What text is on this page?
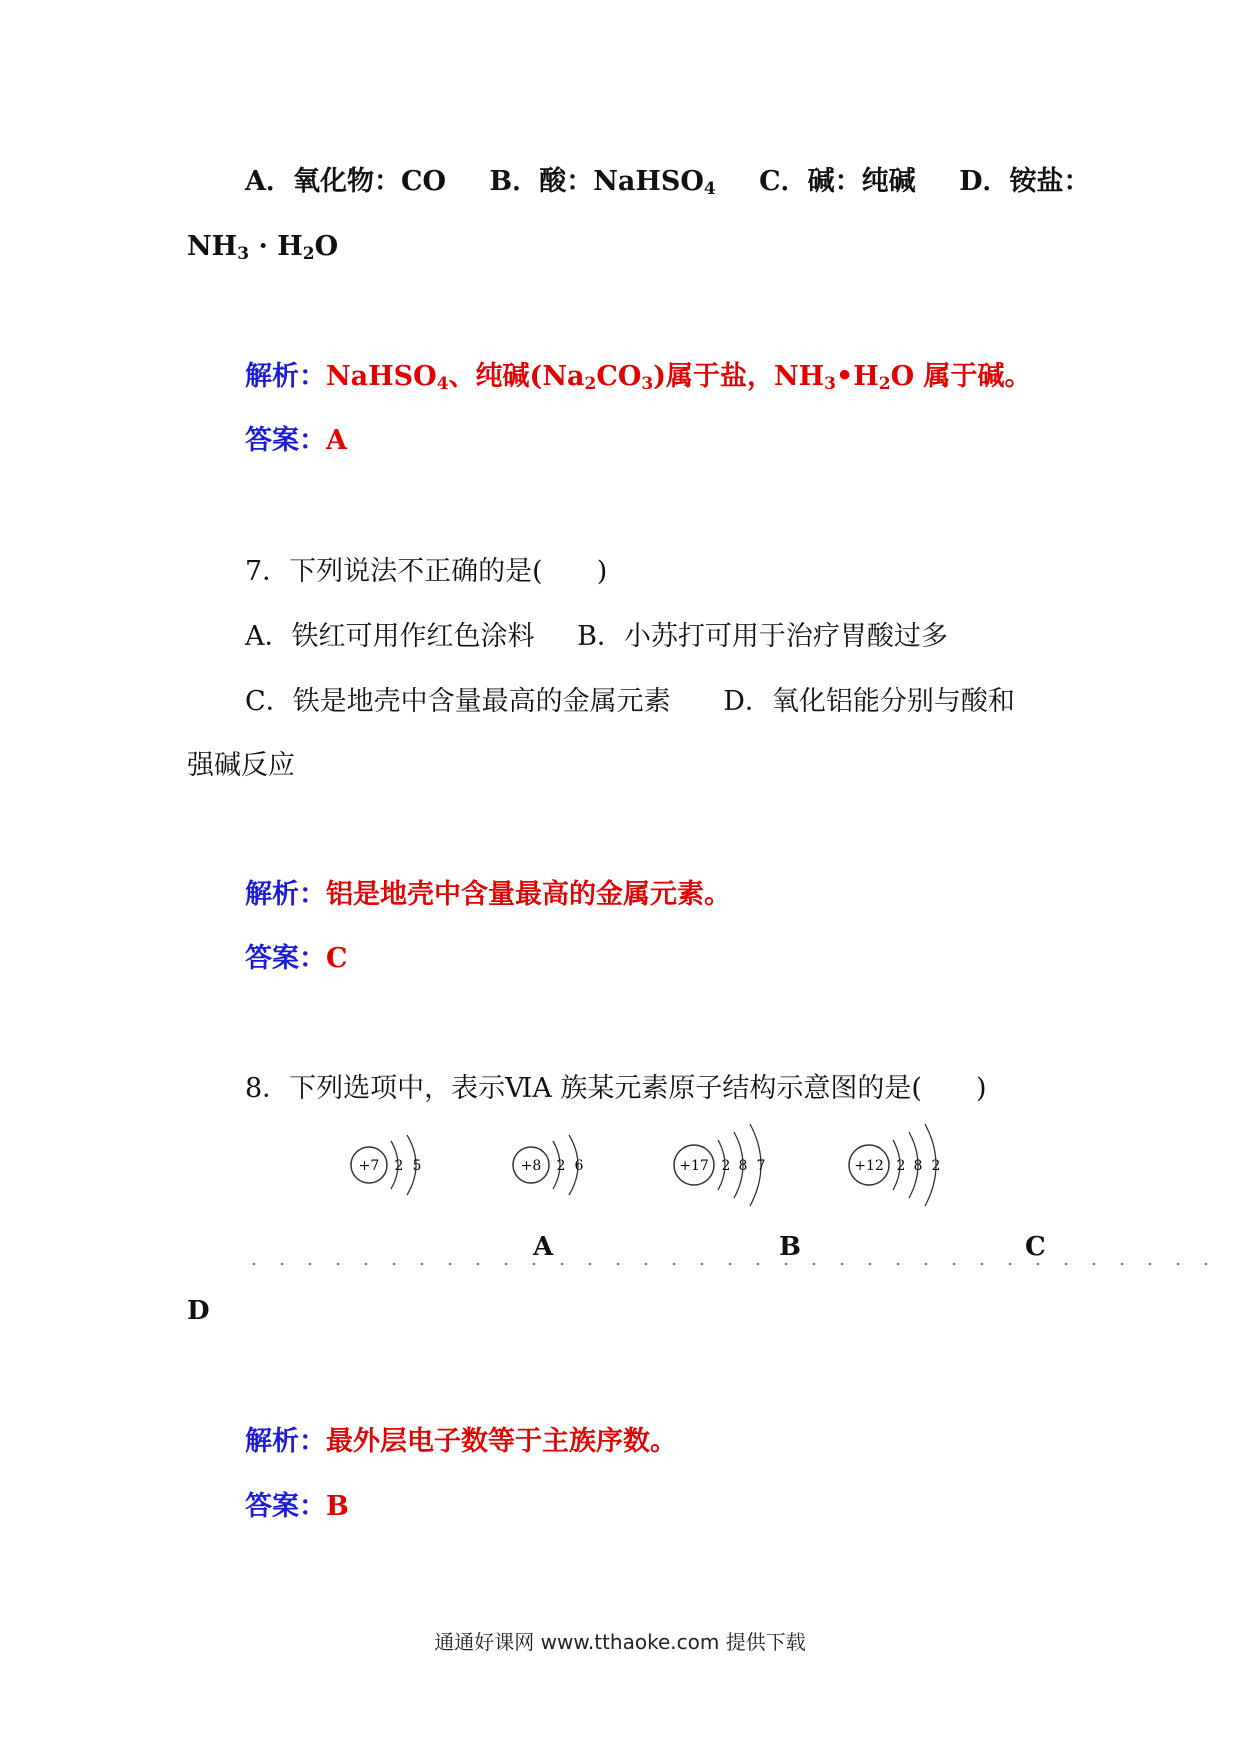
A．氧化物：CO B．酸：NaHSO$_4$ C．碱：纯碱 D．铵盐：
$NH_3 \cdot H_2O$
解析：NaHSO$_4$、纯碱$(Na_2CO_3)$属于盐，$NH_3•H_2O$ 属于碱。
答案：A
7．下列说法不正确的是(　　)
A．铁红可用作红色涂料 B．小苏打可用于治疗胃酸过多
C．铁是地壳中含量最高的金属元素 D．氧化铝能分别与酸和
强碱反应
解析：铝是地壳中含量最高的金属元素。
答案：C
8．下列选项中，表示ⅥA 族某元素原子结构示意图的是(　　)
+7 2 5	+8 2 6	+17 2 8 7	+12 2 8 2
A	B	C
D
解析：最外层电子数等于主族序数。
答案：B
通通好课网 www.tthaoke.com 提供下载
